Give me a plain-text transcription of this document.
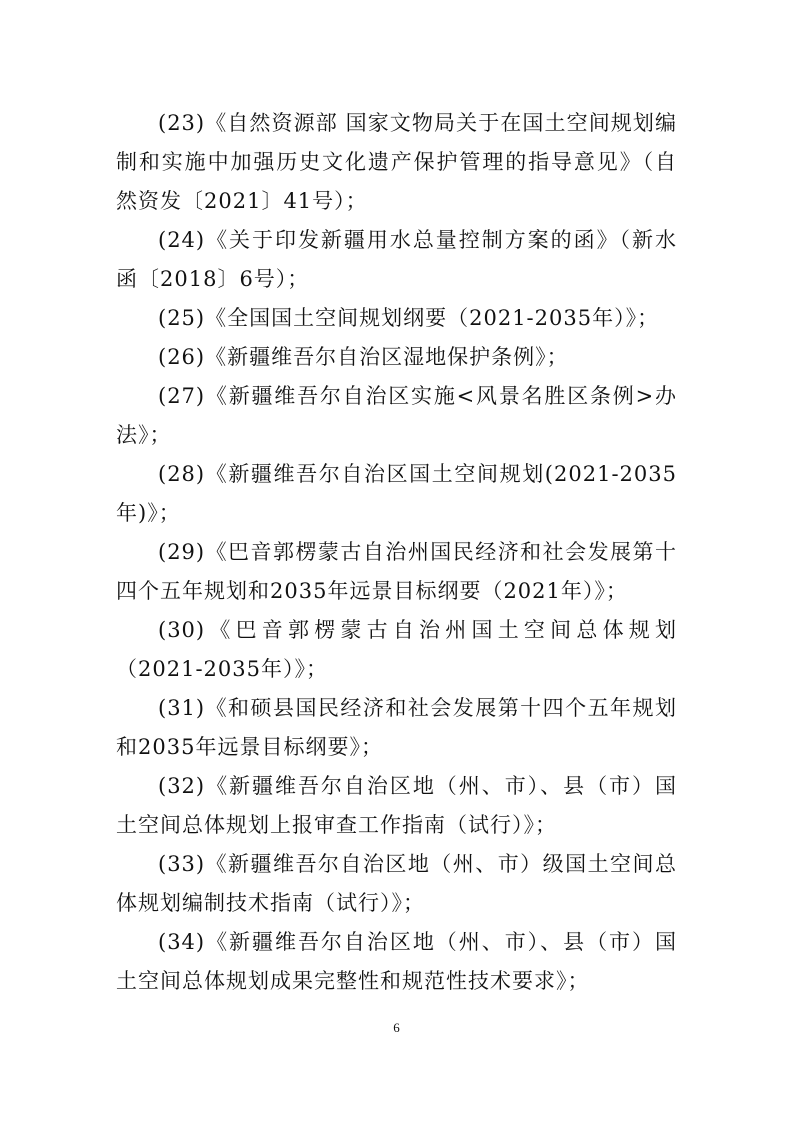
(23)《自然资源部 国家文物局关于在国土空间规划编制和实施中加强历史文化遗产保护管理的指导意见》（自然资发〔2021〕41号）；

(24)《关于印发新疆用水总量控制方案的函》（新水函〔2018〕6号）；

(25)《全国国土空间规划纲要（2021-2035年）》；

(26)《新疆维吾尔自治区湿地保护条例》；

(27)《新疆维吾尔自治区实施<风景名胜区条例>办法》；

(28)《新疆维吾尔自治区国土空间规划(2021-2035年)》；

(29)《巴音郭楞蒙古自治州国民经济和社会发展第十四个五年规划和2035年远景目标纲要（2021年）》；

(30)《巴音郭楞蒙古自治州国土空间总体规划（2021-2035年）》；

(31)《和硕县国民经济和社会发展第十四个五年规划和2035年远景目标纲要》；

(32)《新疆维吾尔自治区地（州、市）、县（市）国土空间总体规划上报审查工作指南（试行）》；

(33)《新疆维吾尔自治区地（州、市）级国土空间总体规划编制技术指南（试行）》；

(34)《新疆维吾尔自治区地（州、市）、县（市）国土空间总体规划成果完整性和规范性技术要求》；

6
